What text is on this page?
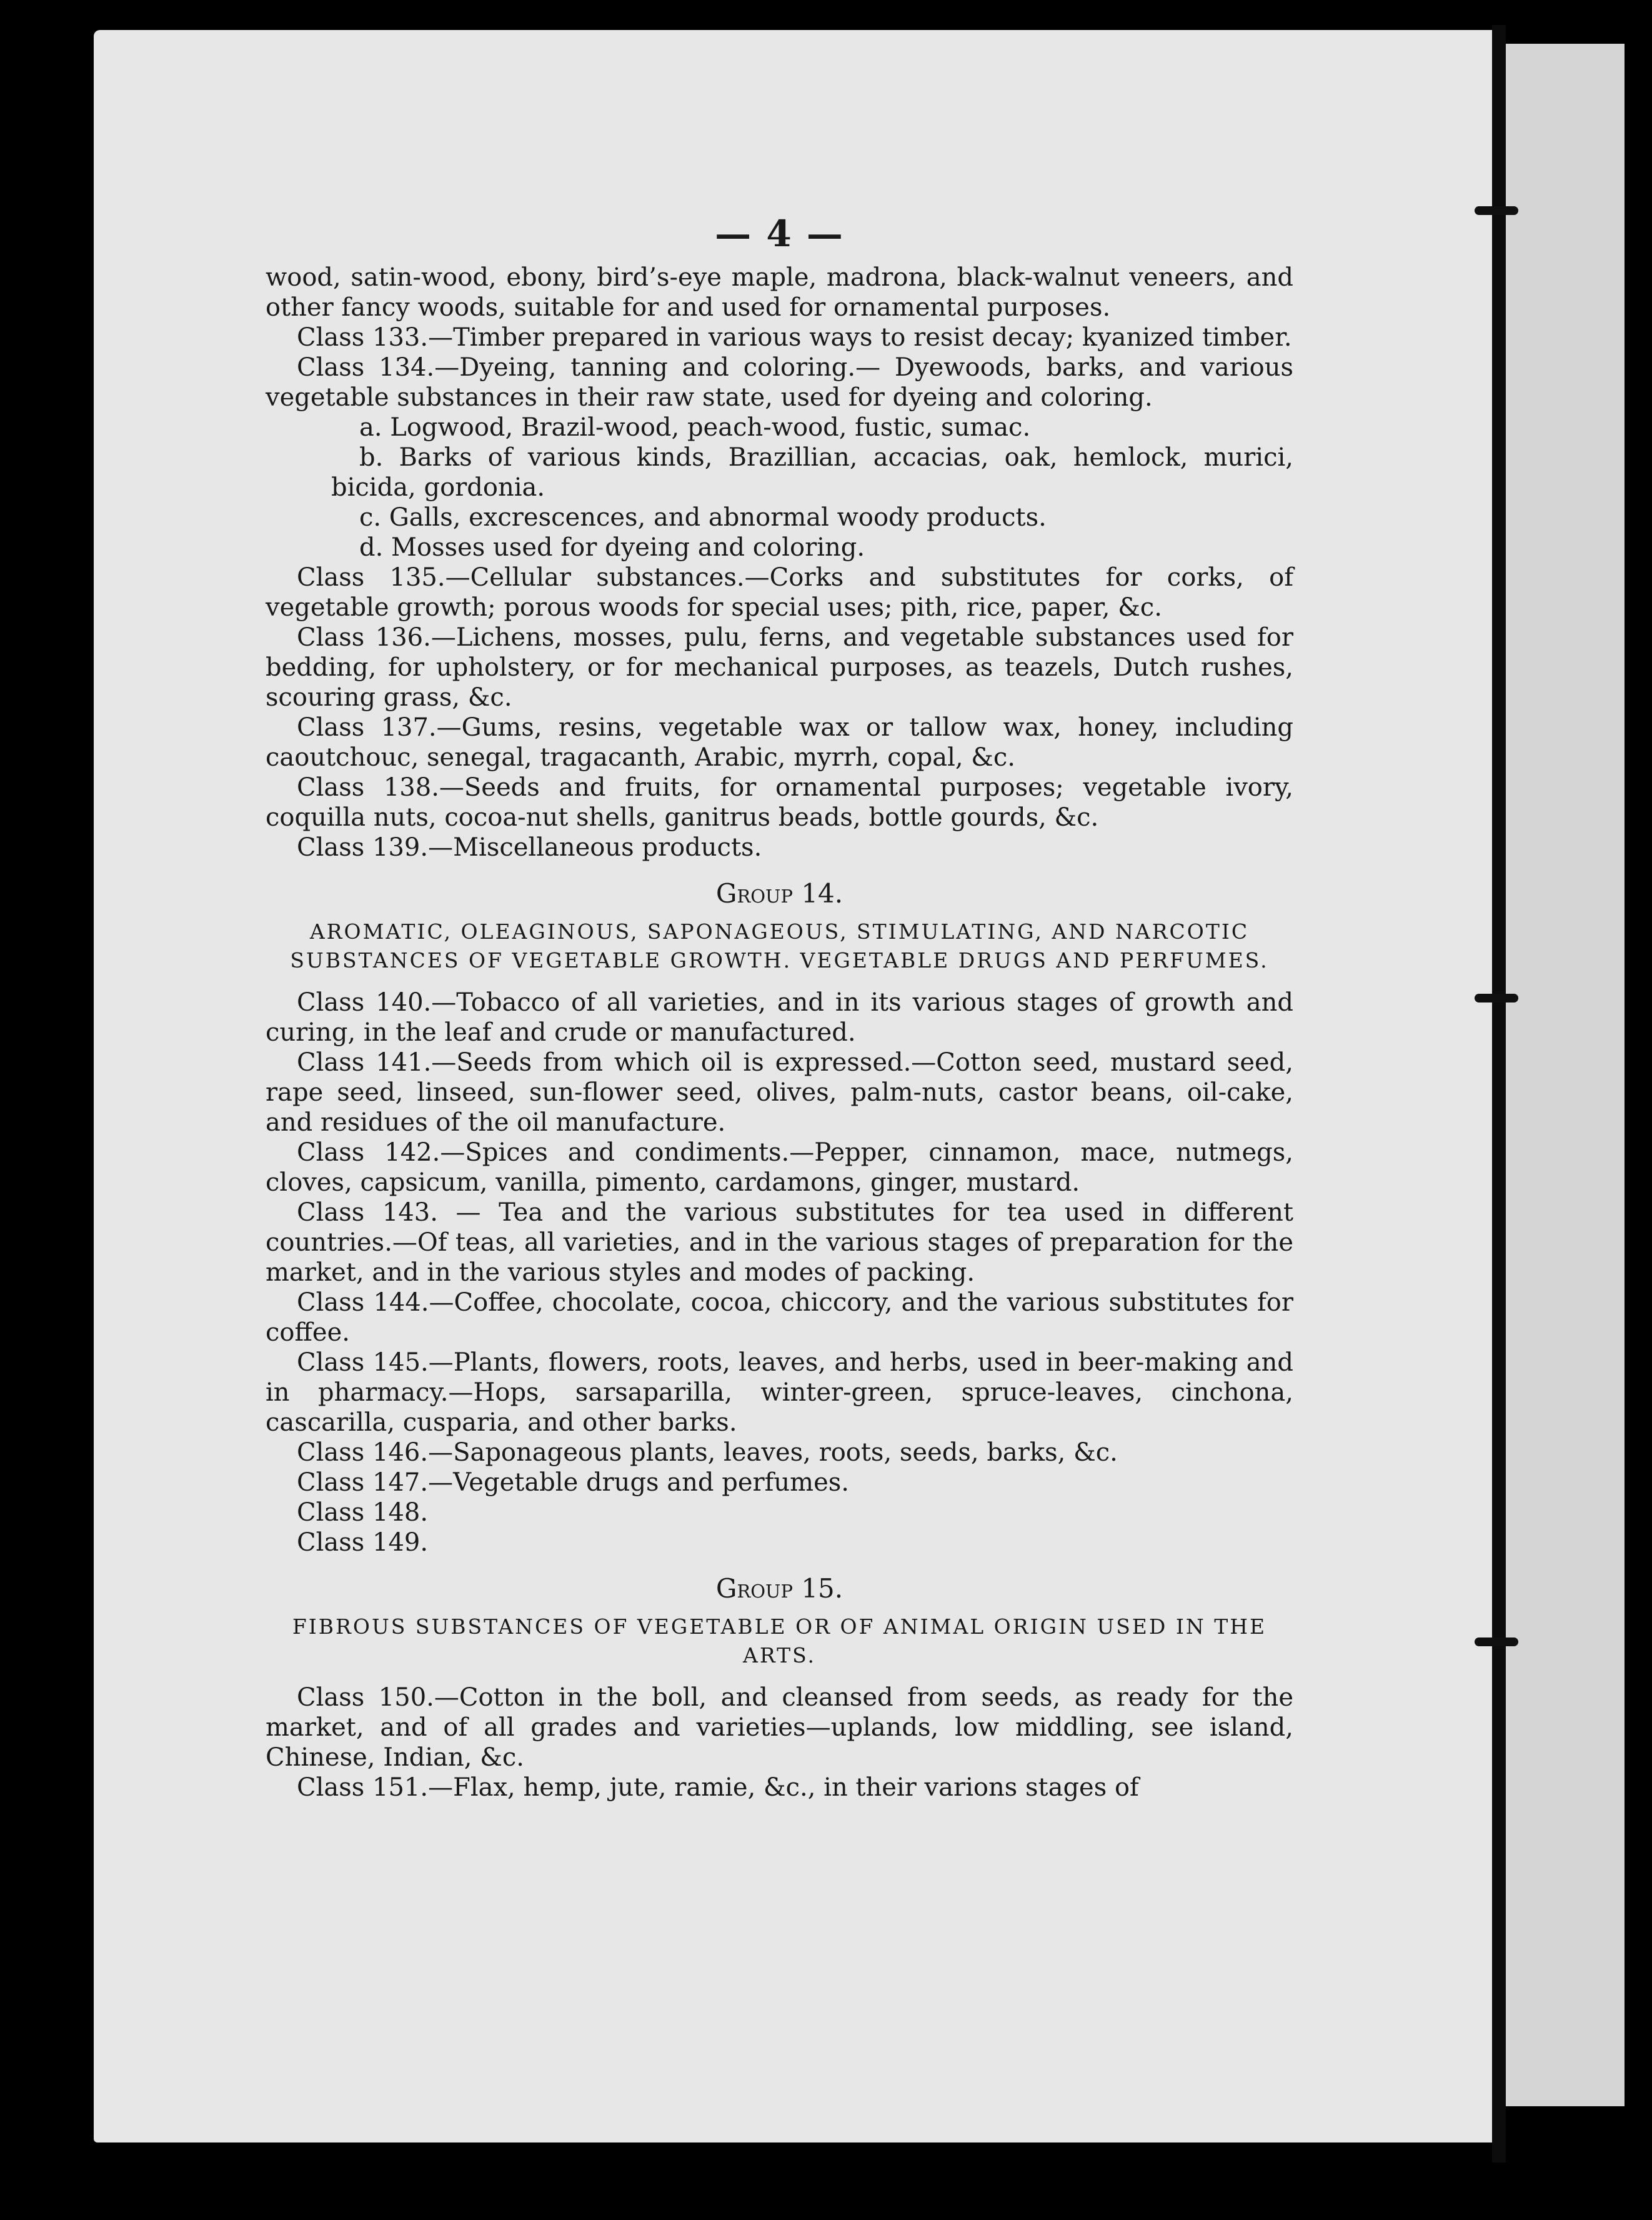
— 4 —

wood, satin-wood, ebony, bird’s-eye maple, madrona, black-walnut veneers, and other fancy woods, suitable for and used for ornamental purposes.

Class 133.—Timber prepared in various ways to resist decay; kyanized timber.

Class 134.—Dyeing, tanning and coloring.— Dyewoods, barks, and various vegetable substances in their raw state, used for dyeing and coloring.

a. Logwood, Brazil-wood, peach-wood, fustic, sumac.

b. Barks of various kinds, Brazillian, accacias, oak, hemlock, murici, bicida, gordonia.

c. Galls, excrescences, and abnormal woody products.

d. Mosses used for dyeing and coloring.

Class 135.—Cellular substances.—Corks and substitutes for corks, of vegetable growth; porous woods for special uses; pith, rice, paper, &c.

Class 136.—Lichens, mosses, pulu, ferns, and vegetable substances used for bedding, for upholstery, or for mechanical purposes, as teazels, Dutch rushes, scouring grass, &c.

Class 137.—Gums, resins, vegetable wax or tallow wax, honey, including caoutchouc, senegal, tragacanth, Arabic, myrrh, copal, &c.

Class 138.—Seeds and fruits, for ornamental purposes; vegetable ivory, coquilla nuts, cocoa-nut shells, ganitrus beads, bottle gourds, &c.

Class 139.—Miscellaneous products.

Group 14.
AROMATIC, OLEAGINOUS, SAPONAGEOUS, STIMULATING, AND NARCOTIC SUBSTANCES OF VEGETABLE GROWTH. VEGETABLE DRUGS AND PERFUMES.

Class 140.—Tobacco of all varieties, and in its various stages of growth and curing, in the leaf and crude or manufactured.

Class 141.—Seeds from which oil is expressed.—Cotton seed, mustard seed, rape seed, linseed, sun-flower seed, olives, palm-nuts, castor beans, oil-cake, and residues of the oil manufacture.

Class 142.—Spices and condiments.—Pepper, cinnamon, mace, nutmegs, cloves, capsicum, vanilla, pimento, cardamons, ginger, mustard.

Class 143. — Tea and the various substitutes for tea used in different countries.—Of teas, all varieties, and in the various stages of preparation for the market, and in the various styles and modes of packing.

Class 144.—Coffee, chocolate, cocoa, chiccory, and the various substitutes for coffee.

Class 145.—Plants, flowers, roots, leaves, and herbs, used in beer-making and in pharmacy.—Hops, sarsaparilla, winter-green, spruce-leaves, cinchona, cascarilla, cusparia, and other barks.

Class 146.—Saponageous plants, leaves, roots, seeds, barks, &c.

Class 147.—Vegetable drugs and perfumes.

Class 148.

Class 149.

Group 15.
FIBROUS SUBSTANCES OF VEGETABLE OR OF ANIMAL ORIGIN USED IN THE ARTS.

Class 150.—Cotton in the boll, and cleansed from seeds, as ready for the market, and of all grades and varieties—uplands, low middling, see island, Chinese, Indian, &c.

Class 151.—Flax, hemp, jute, ramie, &c., in their varions stages of
